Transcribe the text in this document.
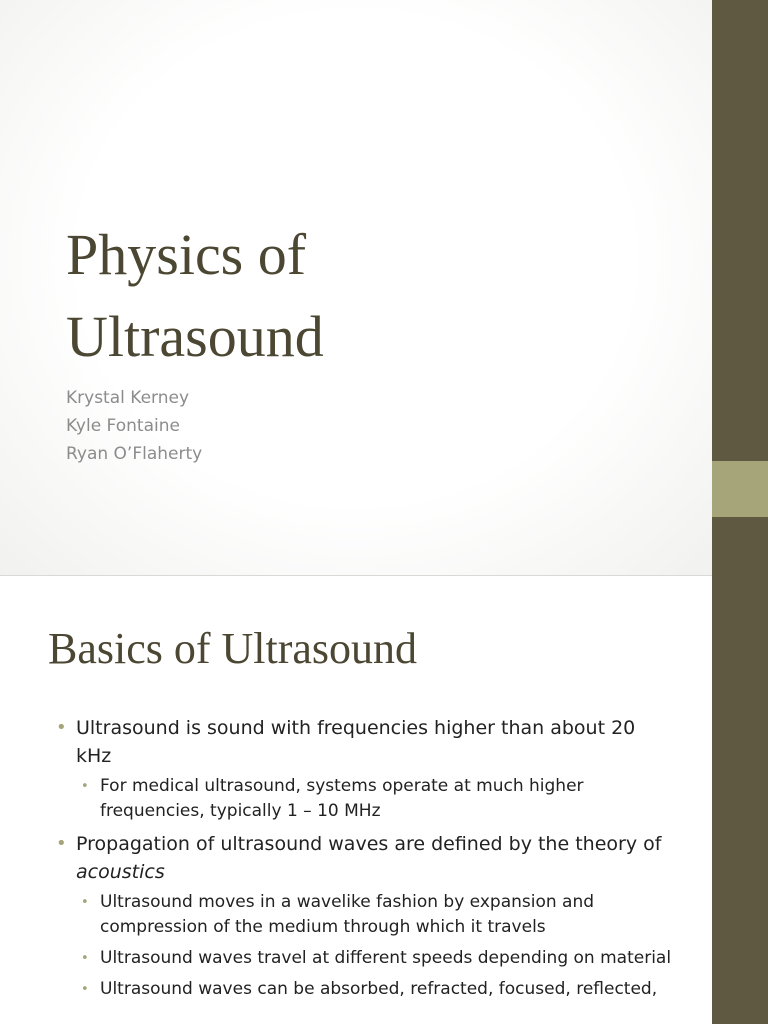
Physics of
Ultrasound
Krystal Kerney
Kyle Fontaine
Ryan O’Flaherty
Basics of Ultrasound
• Ultrasound is sound with frequencies higher than about 20 kHz
• For medical ultrasound, systems operate at much higher frequencies, typically 1 – 10 MHz
• Propagation of ultrasound waves are defined by the theory of acoustics
• Ultrasound moves in a wavelike fashion by expansion and compression of the medium through which it travels
• Ultrasound waves travel at different speeds depending on material
• Ultrasound waves can be absorbed, refracted, focused, reflected,
